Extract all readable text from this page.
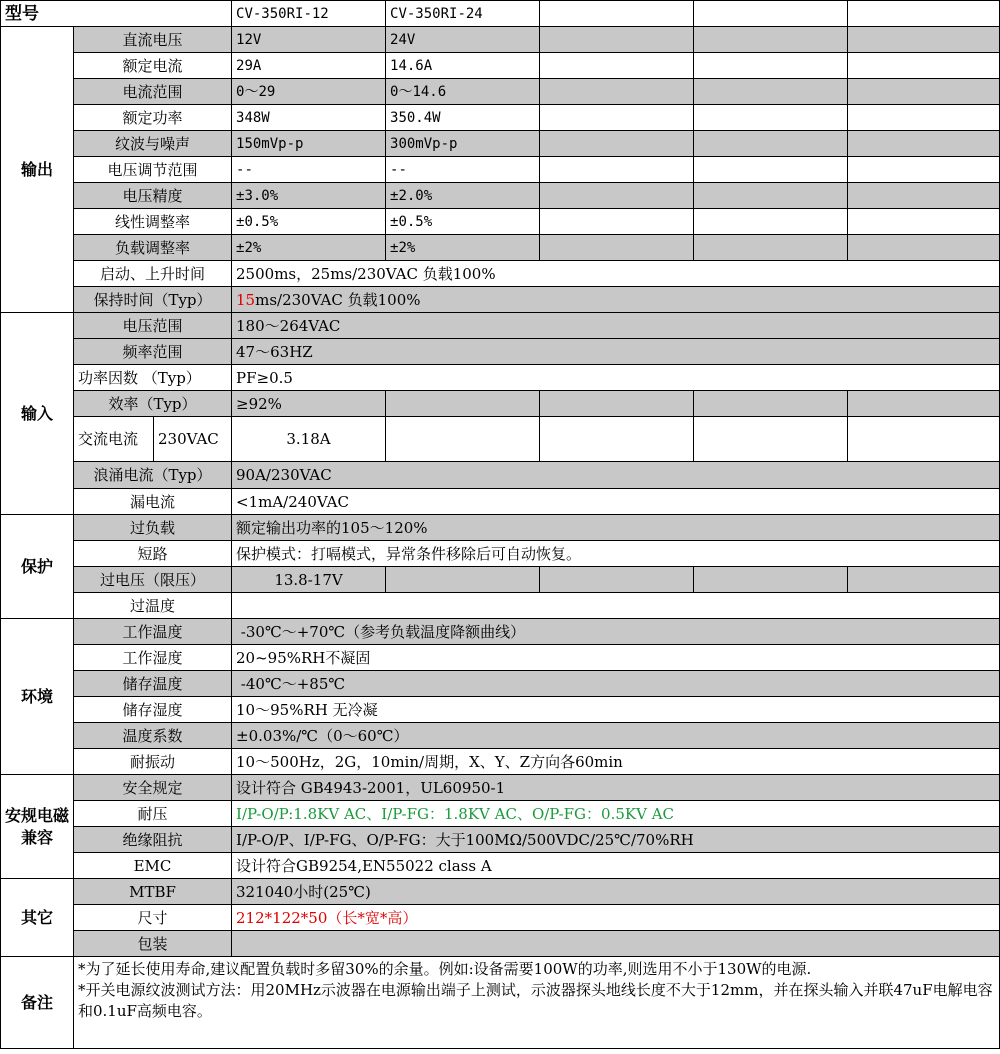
型号			CV-350RI-12	CV-350RI-24			
输出	直流电压		12V	24V			
	额定电流		29A	14.6A			
	电流范围		0～29	0～14.6			
	额定功率		348W	350.4W			
	纹波与噪声		150mVp-p	300mVp-p			
	电压调节范围		--	--			
	电压精度		±3.0%	±2.0%			
	线性调整率		±0.5%	±0.5%			
	负载调整率		±2%	±2%			
	启动、上升时间		2500ms，25ms/230VAC 负载100%				
	保持时间（Typ）		15ms/230VAC 负载100%				
输入	电压范围		180～264VAC				
	频率范围		47～63HZ				
	功率因数 （Typ）		PF≥0.5				
	效率（Typ）		≥92%				
	交流电流	230VAC	3.18A				
	浪涌电流（Typ）		90A/230VAC				
	漏电流		<1mA/240VAC				
保护	过负载		额定输出功率的105～120%				
	短路		保护模式：打嗝模式，异常条件移除后可自动恢复。				
	过电压（限压）		13.8-17V				
	过温度						
环境	工作温度		-30℃～+70℃（参考负载温度降额曲线）				
	工作湿度		20~95%RH不凝固				
	储存温度		-40℃～+85℃				
	储存湿度		10～95%RH 无冷凝				
	温度系数		±0.03%/℃（0～60℃）				
	耐振动		10～500Hz，2G，10min/周期，X、Y、Z方向各60min				
安规电磁兼容	安全规定		设计符合 GB4943-2001，UL60950-1				
	耐压		I/P-O/P:1.8KV AC、I/P-FG：1.8KV AC、O/P-FG：0.5KV AC				
	绝缘阻抗		I/P-O/P、I/P-FG、O/P-FG：大于100MΩ/500VDC/25℃/70%RH				
	EMC		设计符合GB9254,EN55022 class A				
其它	MTBF		321040小时(25℃)				
	尺寸		212*122*50（长*宽*高）				
	包装						
备注	*为了延长使用寿命,建议配置负载时多留30%的余量。例如:设备需要100W的功率,则选用不小于130W的电源.
*开关电源纹波测试方法：用20MHz示波器在电源输出端子上测试，示波器探头地线长度不大于12mm，并在探头输入并联47uF电解电容和0.1uF高频电容。						
